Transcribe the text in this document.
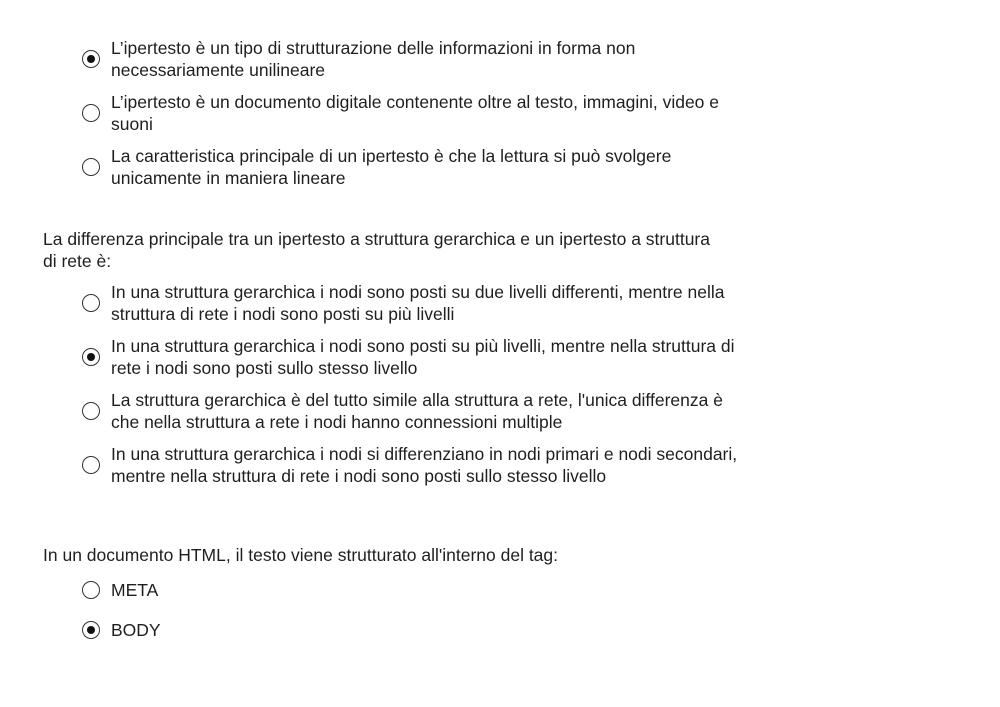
L’ipertesto è un tipo di strutturazione delle informazioni in forma non necessariamente unilineare
L’ipertesto è un documento digitale contenente oltre al testo, immagini, video e suoni
La caratteristica principale di un ipertesto è che la lettura si può svolgere unicamente in maniera lineare
La differenza principale tra un ipertesto a struttura gerarchica e un ipertesto a struttura di rete è:
In una struttura gerarchica i nodi sono posti su due livelli differenti, mentre nella struttura di rete i nodi sono posti su più livelli
In una struttura gerarchica i nodi sono posti su più livelli, mentre nella struttura di rete i nodi sono posti sullo stesso livello
La struttura gerarchica è del tutto simile alla struttura a rete, l'unica differenza è che nella struttura a rete i nodi hanno connessioni multiple
In una struttura gerarchica i nodi si differenziano in nodi primari e nodi secondari, mentre nella struttura di rete i nodi sono posti sullo stesso livello
In un documento HTML, il testo viene strutturato all'interno del tag:
META
BODY
